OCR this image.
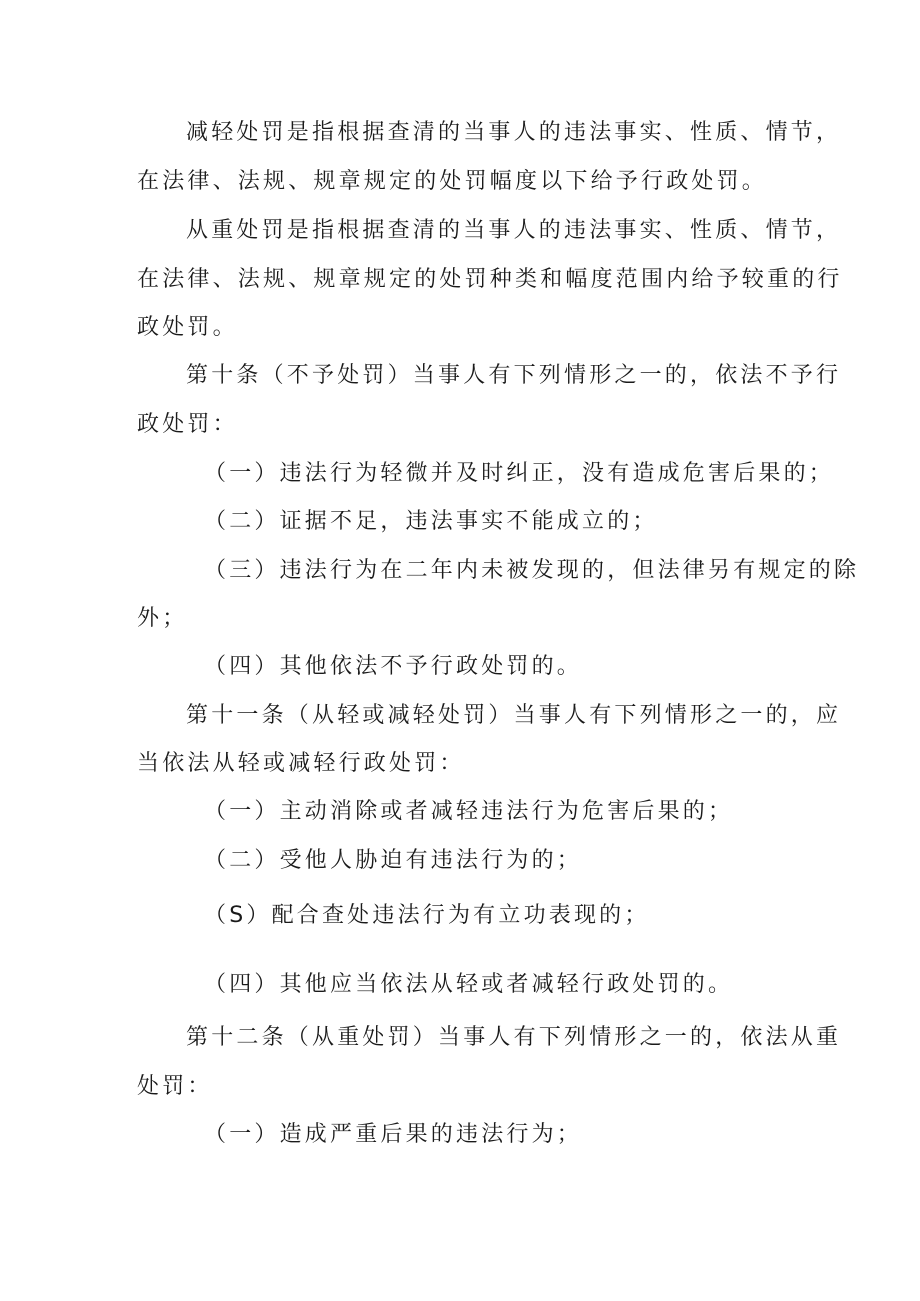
减轻处罚是指根据查清的当事人的违法事实、性质、情节，
在法律、法规、规章规定的处罚幅度以下给予行政处罚。
从重处罚是指根据查清的当事人的违法事实、性质、情节，
在法律、法规、规章规定的处罚种类和幅度范围内给予较重的行
政处罚。
第十条（不予处罚）当事人有下列情形之一的，依法不予行
政处罚：
（一）违法行为轻微并及时纠正，没有造成危害后果的；
（二）证据不足，违法事实不能成立的；
（三）违法行为在二年内未被发现的，但法律另有规定的除
外；
（四）其他依法不予行政处罚的。
第十一条（从轻或减轻处罚）当事人有下列情形之一的，应
当依法从轻或减轻行政处罚：
（一）主动消除或者减轻违法行为危害后果的；
（二）受他人胁迫有违法行为的；
（S）配合查处违法行为有立功表现的；
（四）其他应当依法从轻或者减轻行政处罚的。
第十二条（从重处罚）当事人有下列情形之一的，依法从重
处罚：
（一）造成严重后果的违法行为；
